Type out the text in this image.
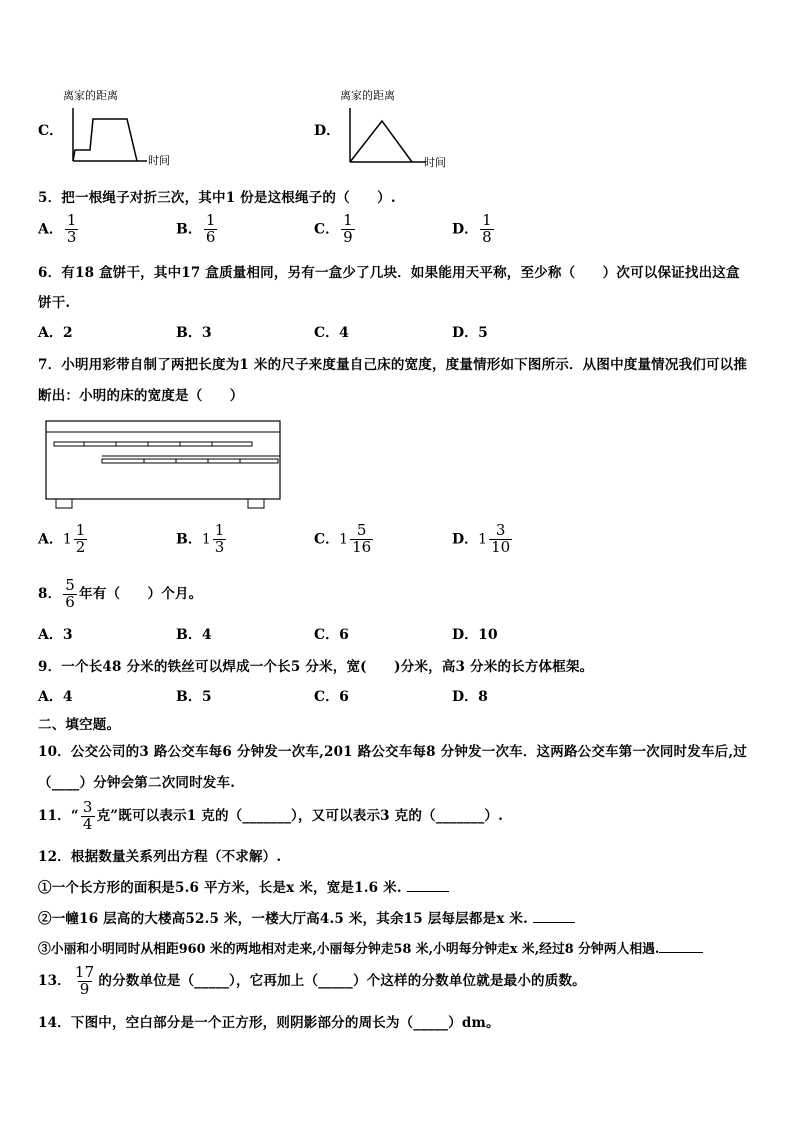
C．
离家的距离
时间
D．
离家的距离
时间
5．把一根绳子对折三次，其中1 份是这根绳子的（　　）.
A． $\frac{1}{3}$	B． $\frac{1}{6}$	C． $\frac{1}{9}$	D． $\frac{1}{8}$
6．有18 盒饼干，其中17 盒质量相同，另有一盒少了几块．如果能用天平称，至少称（　　）次可以保证找出这盒
饼干.
A．2	B．3	C．4	D．5
7．小明用彩带自制了两把长度为1 米的尺子来度量自己床的宽度，度量情形如下图所示．从图中度量情况我们可以推
断出：小明的床的宽度是（　　）
A．$1 \frac{1}{2}$	B．$1 \frac{1}{3}$	C．$1 \frac{5}{16}$	D．$1 \frac{3}{10}$
8． $\frac{5}{6}$ 年有（　　）个月。
A．3	B．4	C．6	D．10
9．一个长48 分米的铁丝可以焊成一个长5 分米，宽(　　)分米，高3 分米的长方体框架。
A．4	B．5	C．6	D．8
二、填空题。
10．公交公司的3 路公交车每6 分钟发一次车,201 路公交车每8 分钟发一次车．这两路公交车第一次同时发车后,过
（____）分钟会第二次同时发车.
11．“ $\frac{3}{4}$ 克”既可以表示1 克的（_______），又可以表示3 克的（_______）.
12．根据数量关系列出方程（不求解）.
①一个长方形的面积是5.6 平方米，长是x 米，宽是1.6 米.
②一幢16 层高的大楼高52.5 米，一楼大厅高4.5 米，其余15 层每层都是x 米.
③小丽和小明同时从相距960 米的两地相对走来,小丽每分钟走58 米,小明每分钟走x 米,经过8 分钟两人相遇.
13． $\frac{17}{9}$ 的分数单位是（_____），它再加上（_____）个这样的分数单位就是最小的质数。
14．下图中，空白部分是一个正方形，则阴影部分的周长为（_____）dm。
